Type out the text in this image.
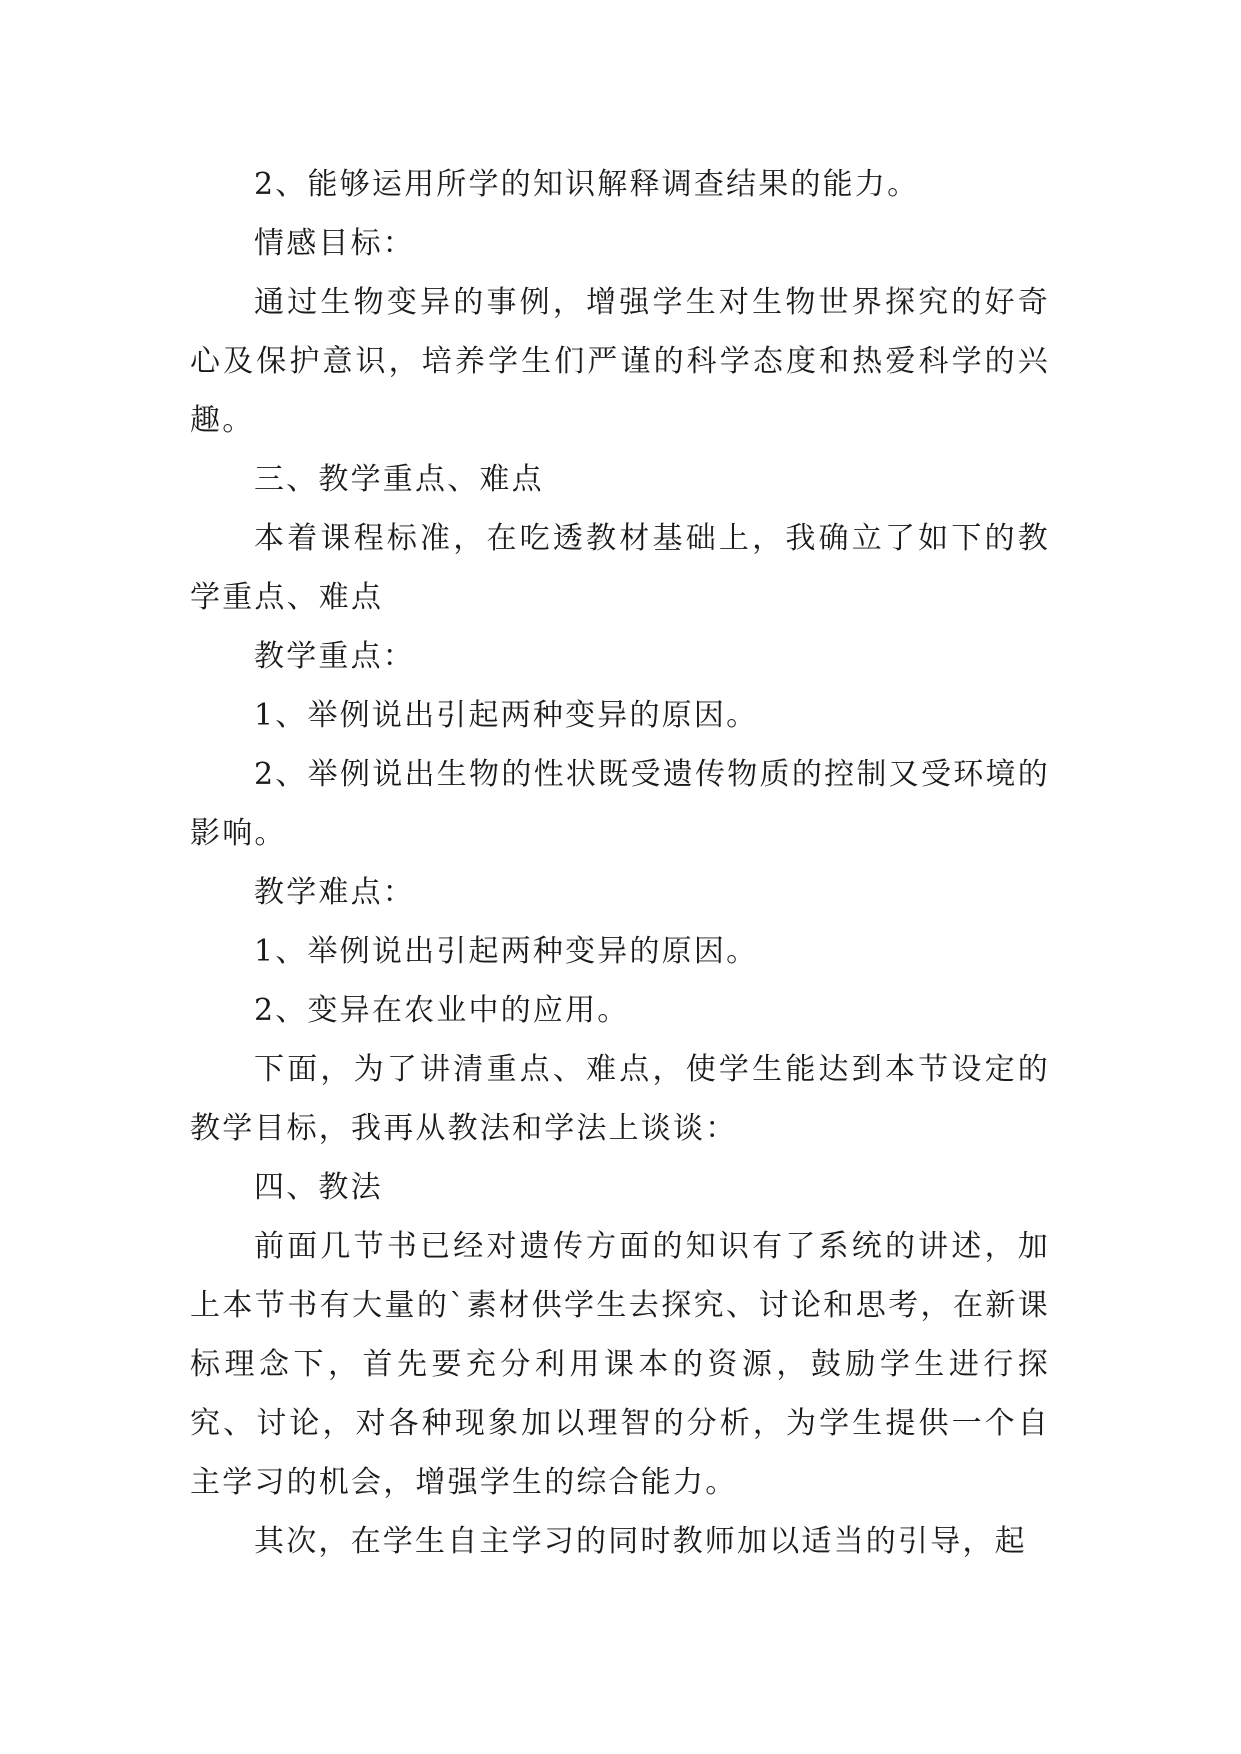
2、能够运用所学的知识解释调查结果的能力。

情感目标：

通过生物变异的事例，增强学生对生物世界探究的好奇心及保护意识，培养学生们严谨的科学态度和热爱科学的兴趣。

三、教学重点、难点

本着课程标准，在吃透教材基础上，我确立了如下的教学重点、难点

教学重点：

1、举例说出引起两种变异的原因。

2、举例说出生物的性状既受遗传物质的控制又受环境的影响。

教学难点：

1、举例说出引起两种变异的原因。

2、变异在农业中的应用。

下面，为了讲清重点、难点，使学生能达到本节设定的教学目标，我再从教法和学法上谈谈：

四、教法

前面几节书已经对遗传方面的知识有了系统的讲述，加上本节书有大量的`素材供学生去探究、讨论和思考，在新课标理念下，首先要充分利用课本的资源，鼓励学生进行探究、讨论，对各种现象加以理智的分析，为学生提供一个自主学习的机会，增强学生的综合能力。

其次，在学生自主学习的同时教师加以适当的引导，起
